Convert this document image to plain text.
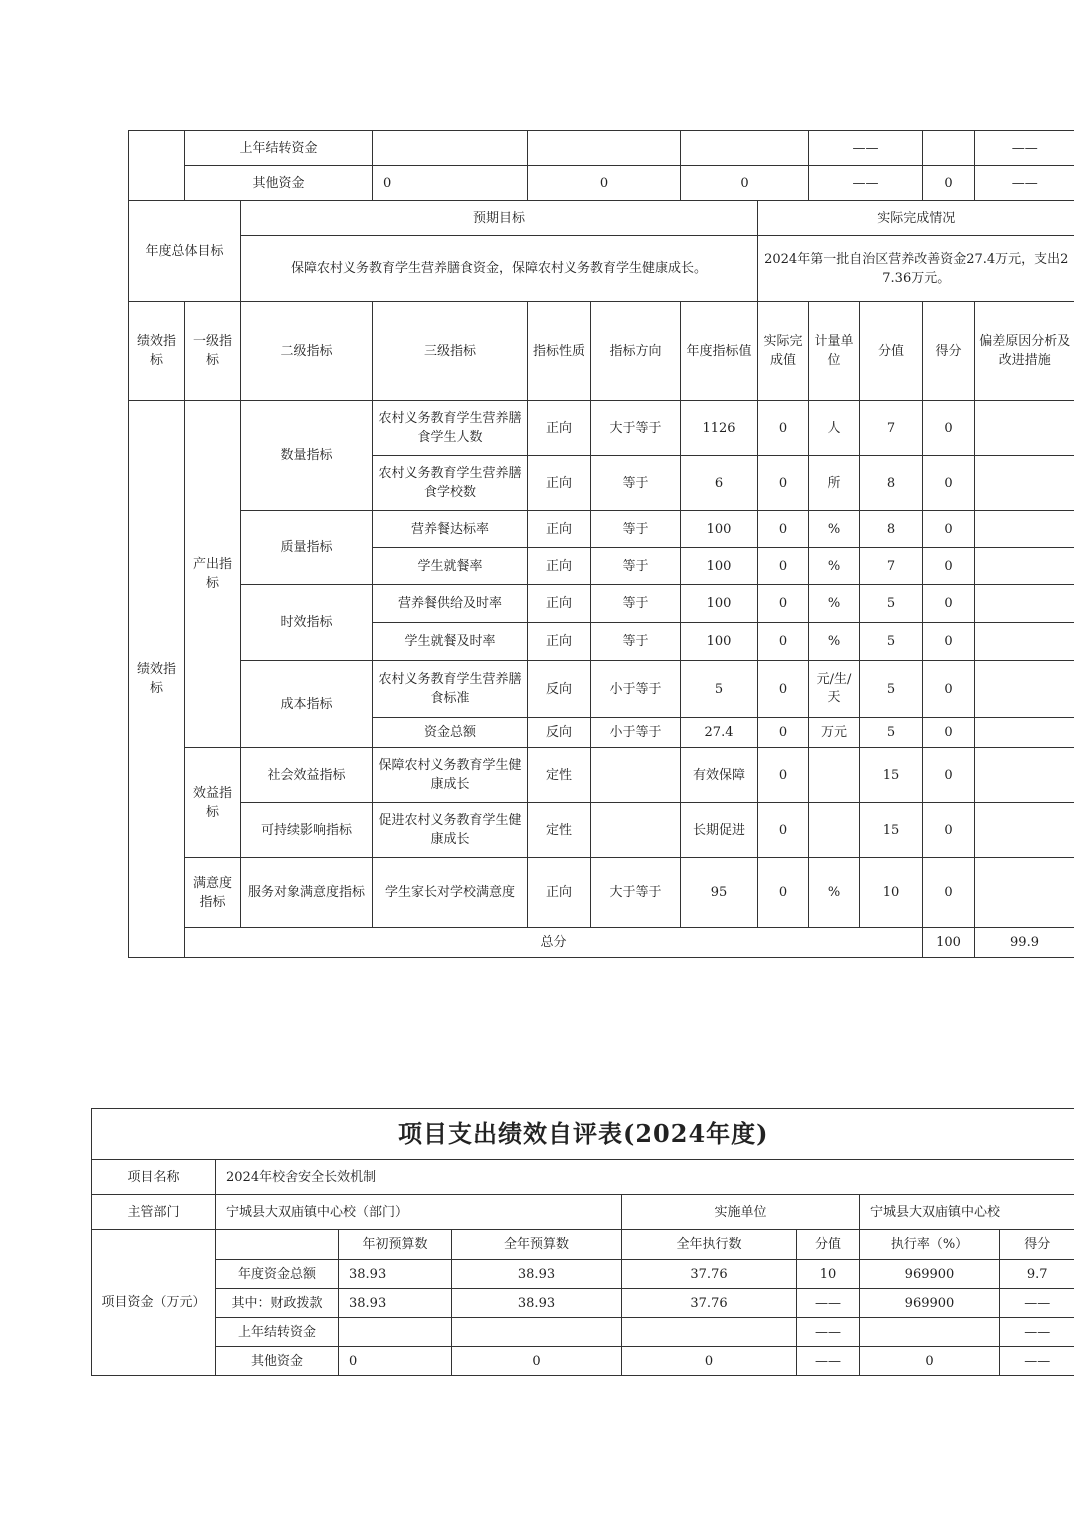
	上年结转资金							——			——	
	其他资金		0	0		0		——		0	——	
年度总体目标		预期目标					实际完成情况					
		保障农村义务教育学生营养膳食资金，保障农村义务教育学生健康成长。					2024年第一批自治区营养改善资金27.4万元，支出27.36万元。					
绩效指标	一级指标	二级指标	三级指标	指标性质	指标方向	年度指标值	实际完成值	计量单位	分值	得分	偏差原因分析及改进措施	
绩效指标	产出指标	数量指标	农村义务教育学生营养膳食学生人数	正向	大于等于	1126	0	人	7	0		
			农村义务教育学生营养膳食学校数	正向	等于	6	0	所	8	0		
		质量指标	营养餐达标率	正向	等于	100	0	%	8	0		
			学生就餐率	正向	等于	100	0	%	7	0		
		时效指标	营养餐供给及时率	正向	等于	100	0	%	5	0		
			学生就餐及时率	正向	等于	100	0	%	5	0		
		成本指标	农村义务教育学生营养膳食标准	反向	小于等于	5	0	元/生/天	5	0		
			资金总额	反向	小于等于	27.4	0	万元	5	0		
	效益指标	社会效益指标	保障农村义务教育学生健康成长	定性		有效保障	0		15	0		
		可持续影响指标	促进农村义务教育学生健康成长	定性		长期促进	0		15	0		
	满意度指标	服务对象满意度指标	学生家长对学校满意度	正向	大于等于	95	0	%	10	0		
	总分									100	99.9	
项目支出绩效自评表(2024年度)							
项目名称	2024年校舍安全长效机制						
主管部门	宁城县大双庙镇中心校（部门）			实施单位		宁城县大双庙镇中心校	
项目资金（万元）		年初预算数	全年预算数	全年执行数	分值	执行率（%）	得分
	年度资金总额	38.93	38.93	37.76	10	969900	9.7
	其中：财政拨款	38.93	38.93	37.76	——	969900	——
	上年结转资金				——		——
	其他资金	0	0	0	——	0	——
